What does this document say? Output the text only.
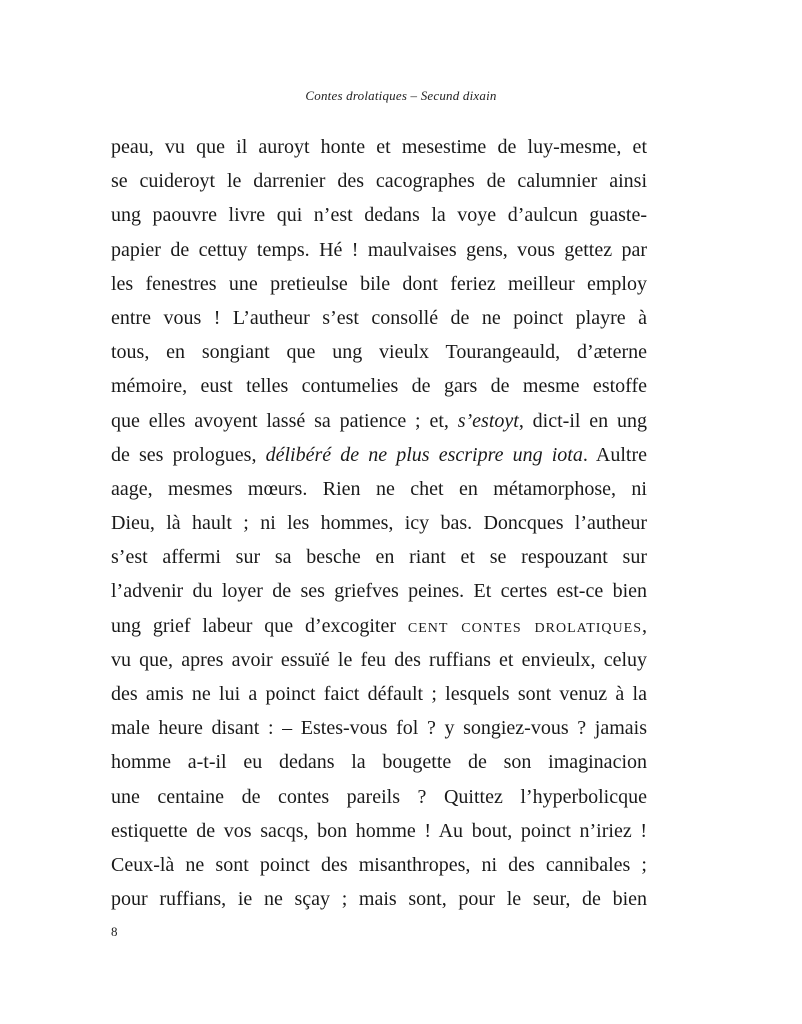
Contes drolatiques – Secund dixain
peau, vu que il auroyt honte et mesestime de luy-mesme, et
se cuideroyt le darrenier des cacographes de calumnier ainsi
ung paouvre livre qui n’est dedans la voye d’aulcun guaste-
papier de cettuy temps. Hé ! maulvaises gens, vous gettez par
les fenestres une pretieulse bile dont feriez meilleur employ
entre vous ! L’autheur s’est consollé de ne poinct playre à
tous, en songiant que ung vieulx Tourangeauld, d’æterne
mémoire, eust telles contumelies de gars de mesme estoffe
que elles avoyent lassé sa patience ; et, s’estoyt, dict-il en ung
de ses prologues, délibéré de ne plus escripre ung iota. Aultre
aage, mesmes mœurs. Rien ne chet en métamorphose, ni
Dieu, là hault ; ni les hommes, icy bas. Doncques l’autheur
s’est affermi sur sa besche en riant et se respouzant sur
l’advenir du loyer de ses griefves peines. Et certes est-ce bien
ung grief labeur que d’excogiter cent contes drolatiques,
vu que, apres avoir essuïé le feu des ruffians et envieulx, celuy
des amis ne lui a poinct faict défault ; lesquels sont venuz à la
male heure disant : – Estes-vous fol ? y songiez-vous ? jamais
homme a-t-il eu dedans la bougette de son imaginacion
une centaine de contes pareils ? Quittez l’hyperbolicque
estiquette de vos sacqs, bon homme ! Au bout, poinct n’iriez !
Ceux-là ne sont poinct des misanthropes, ni des cannibales ;
pour ruffians, ie ne sçay ; mais sont, pour le seur, de bien
8
